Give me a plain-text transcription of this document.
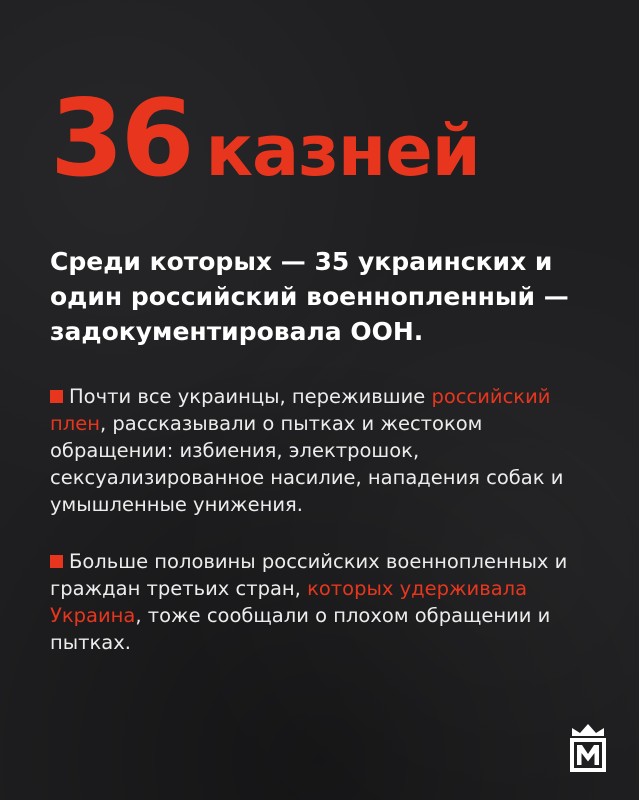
36 казней

Среди которых — 35 украинских и один российский военнопленный — задокументировала ООН.

Почти все украинцы, пережившие российский плен, рассказывали о пытках и жестоком обращении: избиения, электрошок, сексуализированное насилие, нападения собак и умышленные унижения.

Больше половины российских военнопленных и граждан третьих стран, которых удерживала Украина, тоже сообщали о плохом обращении и пытках.
